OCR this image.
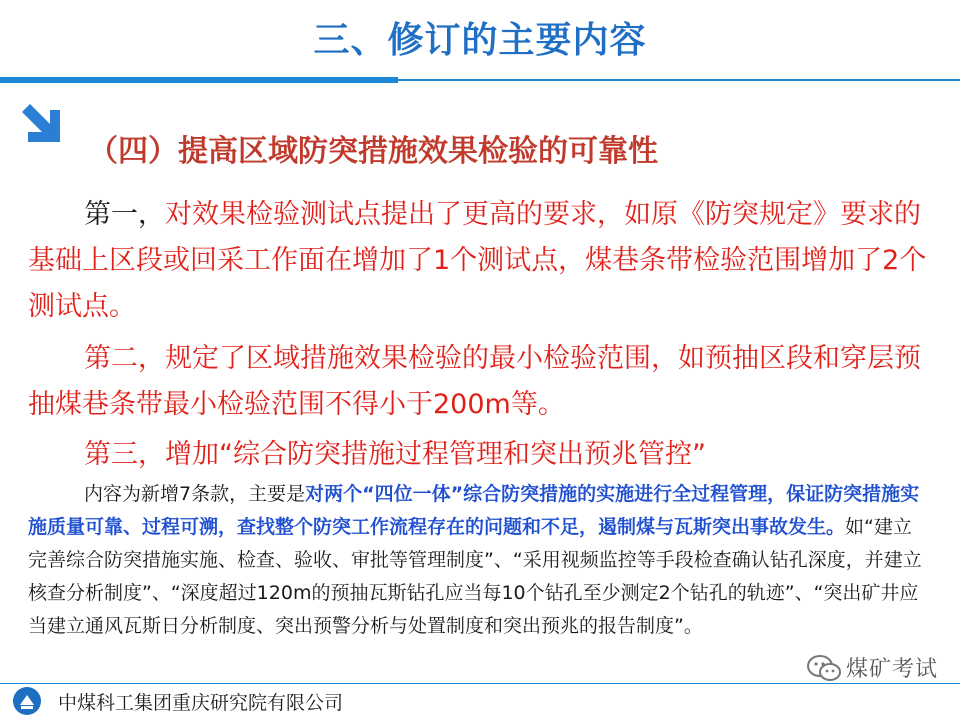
三、修订的主要内容
（四）提高区域防突措施效果检验的可靠性
第一，对效果检验测试点提出了更高的要求，如原《防突规定》要求的基础上区段或回采工作面在增加了1个测试点，煤巷条带检验范围增加了2个测试点。
第二，规定了区域措施效果检验的最小检验范围，如预抽区段和穿层预抽煤巷条带最小检验范围不得小于200m等。
第三，增加“综合防突措施过程管理和突出预兆管控”
内容为新增7条款，主要是对两个“四位一体”综合防突措施的实施进行全过程管理，保证防突措施实施质量可靠、过程可溯，查找整个防突工作流程存在的问题和不足，遏制煤与瓦斯突出事故发生。如“建立完善综合防突措施实施、检查、验收、审批等管理制度”、“采用视频监控等手段检查确认钻孔深度，并建立核查分析制度”、“深度超过120m的预抽瓦斯钻孔应当每10个钻孔至少测定2个钻孔的轨迹”、“突出矿井应当建立通风瓦斯日分析制度、突出预警分析与处置制度和突出预兆的报告制度”。
中煤科工集团重庆研究院有限公司
煤矿考试
